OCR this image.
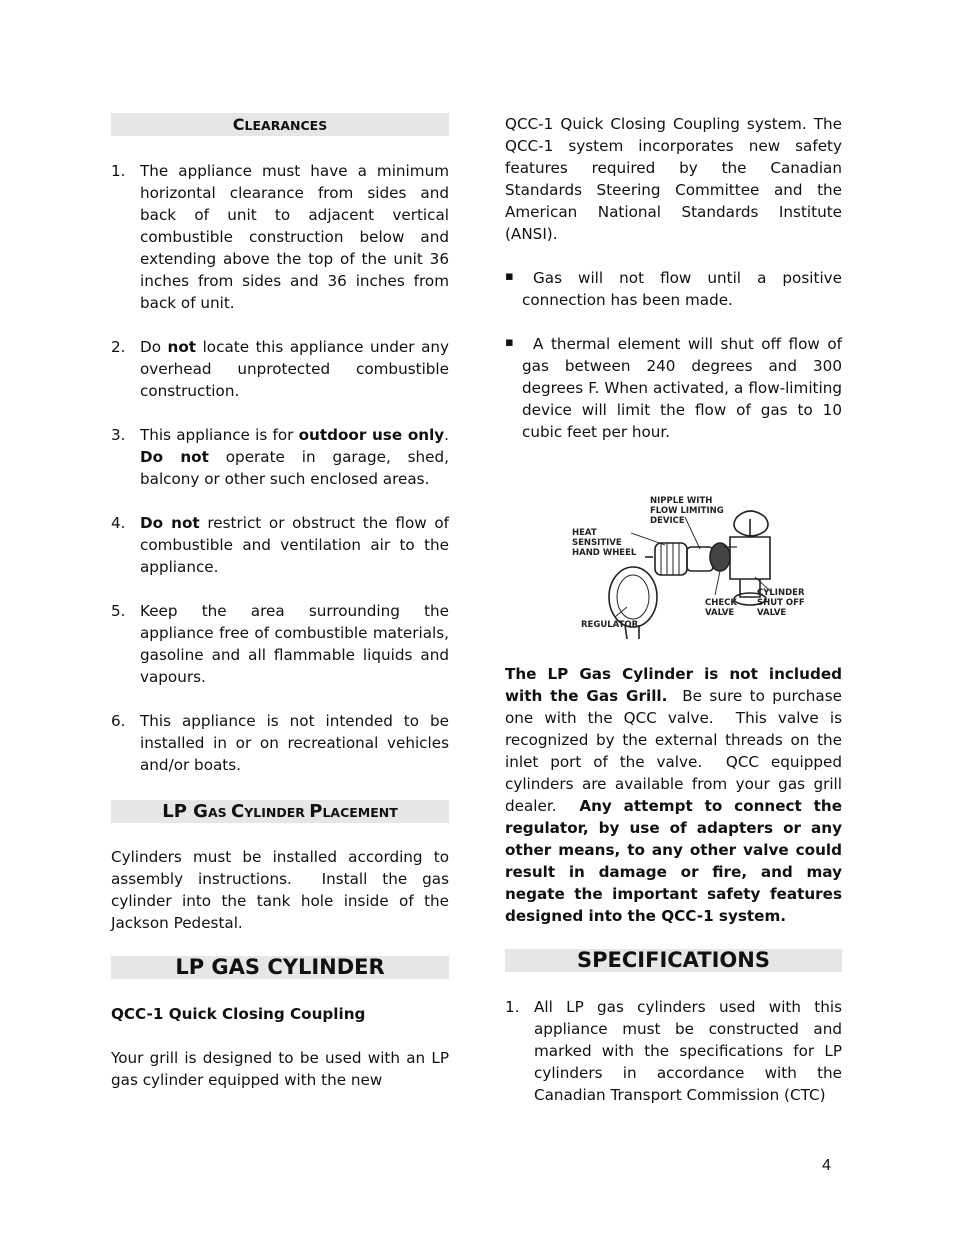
CLEARANCES
1. The appliance must have a minimum horizontal clearance from sides and back of unit to adjacent vertical combustible construction below and extending above the top of the unit 36 inches from sides and 36 inches from back of unit.
2. Do not locate this appliance under any overhead unprotected combustible construction.
3. This appliance is for outdoor use only.  Do not operate in garage, shed, balcony or other such enclosed areas.
4. Do not restrict or obstruct the flow of combustible and ventilation air to the appliance.
5. Keep the area surrounding the appliance free of combustible materials, gasoline and all flammable liquids and vapours.
6. This appliance is not intended to be installed in or on recreational vehicles and/or boats.
LP GAS CYLINDER PLACEMENT

Cylinders must be installed according to assembly instructions.  Install the gas cylinder into the tank hole inside of the Jackson Pedestal.

LP GAS CYLINDER

QCC-1 Quick Closing Coupling

Your grill is designed to be used with an LP gas cylinder equipped with the new

QCC-1 Quick Closing Coupling system. The QCC-1 system incorporates new safety features required by the Canadian Standards Steering Committee and the American National Standards Institute (ANSI).

▪ Gas will not flow until a positive connection has been made.
▪ A thermal element will shut off flow of gas between 240 degrees and 300 degrees F. When activated, a flow-limiting device will limit the flow of gas to 10 cubic feet per hour.
NIPPLE WITH FLOW LIMITING DEVICE
HEAT SENSITIVE HAND WHEEL
CHECK VALVE
CYLINDER SHUT OFF VALVE
REGULATOR

The LP Gas Cylinder is not included with the Gas Grill.  Be sure to purchase one with the QCC valve.  This valve is recognized by the external threads on the inlet port of the valve.  QCC equipped cylinders are available from your gas grill dealer.  Any attempt to connect the regulator, by use of adapters or any other means, to any other valve could result in damage or fire, and may negate the important safety features designed into the QCC-1 system.

SPECIFICATIONS
1. All LP gas cylinders used with this appliance must be constructed and marked with the specifications for LP cylinders in accordance with the Canadian Transport Commission (CTC)
4
